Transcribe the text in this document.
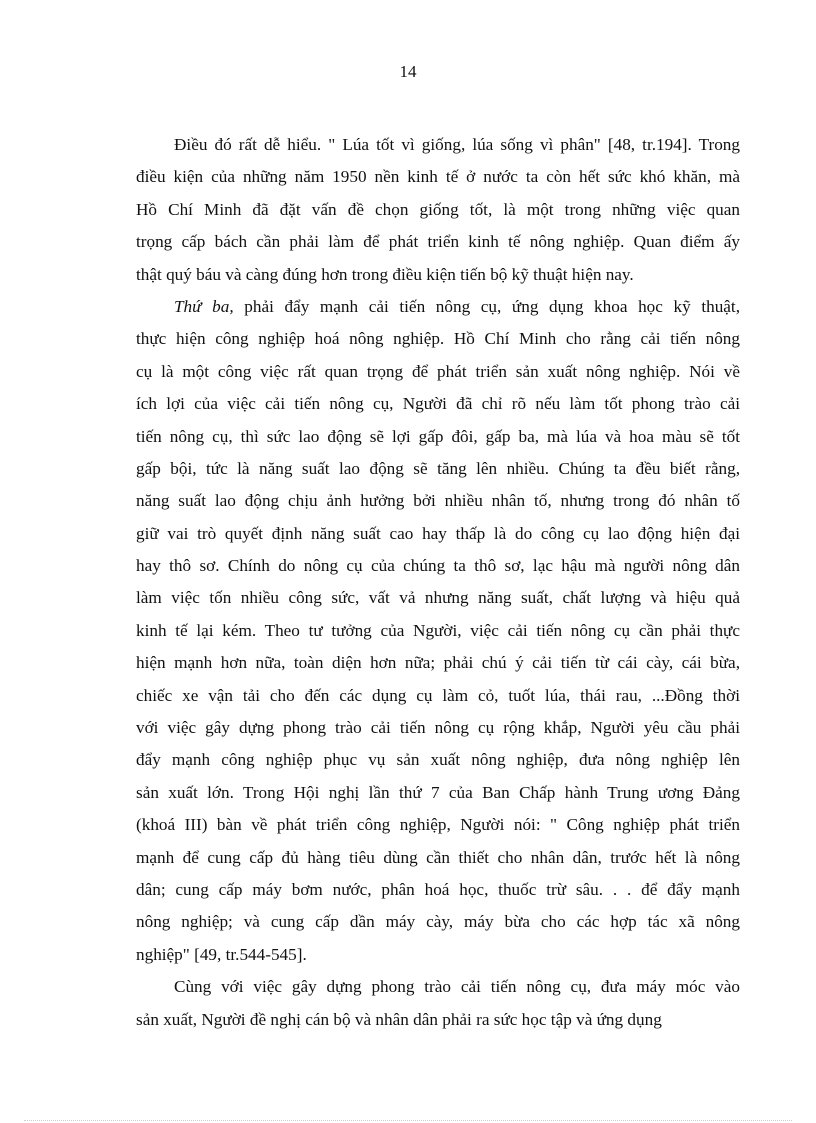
14
Điều đó rất dễ hiểu. " Lúa tốt vì giống, lúa sống vì phân" [48, tr.194]. Trong
điều kiện của những năm 1950 nền kinh tế ở nước ta còn hết sức khó khăn, mà
Hồ Chí Minh đã đặt vấn đề chọn giống tốt, là một trong những việc quan
trọng cấp bách cần phải làm để phát triển kinh tế nông nghiệp. Quan điểm ấy
thật quý báu và càng đúng hơn trong điều kiện tiến bộ kỹ thuật hiện nay.
Thứ ba, phải đẩy mạnh cải tiến nông cụ, ứng dụng khoa học kỹ thuật,
thực hiện công nghiệp hoá nông nghiệp. Hồ Chí Minh cho rằng cải tiến nông
cụ là một công việc rất quan trọng để phát triển sản xuất nông nghiệp. Nói về
ích lợi của việc cải tiến nông cụ, Người đã chỉ rõ nếu làm tốt phong trào cải
tiến nông cụ, thì sức lao động sẽ lợi gấp đôi, gấp ba, mà lúa và hoa màu sẽ tốt
gấp bội, tức là năng suất lao động sẽ tăng lên nhiều. Chúng ta đều biết rằng,
năng suất lao động chịu ảnh hưởng bởi nhiều nhân tố, nhưng trong đó nhân tố
giữ vai trò quyết định năng suất cao hay thấp là do công cụ lao động hiện đại
hay thô sơ. Chính do nông cụ của chúng ta thô sơ, lạc hậu mà người nông dân
làm việc tốn nhiều công sức, vất vả nhưng năng suất, chất lượng và hiệu quả
kinh tế lại kém. Theo tư tưởng của Người, việc cải tiến nông cụ cần phải thực
hiện mạnh hơn nữa, toàn diện hơn nữa; phải chú ý cải tiến từ cái cày, cái bừa,
chiếc xe vận tải cho đến các dụng cụ làm cỏ, tuốt lúa, thái rau, ...Đồng thời
với việc gây dựng phong trào cải tiến nông cụ rộng khắp, Người yêu cầu phải
đẩy mạnh công nghiệp phục vụ sản xuất nông nghiệp, đưa nông nghiệp lên
sản xuất lớn. Trong Hội nghị lần thứ 7 của Ban Chấp hành Trung ương Đảng
(khoá III) bàn về phát triển công nghiệp, Người nói: " Công nghiệp phát triển
mạnh để cung cấp đủ hàng tiêu dùng cần thiết cho nhân dân, trước hết là nông
dân; cung cấp máy bơm nước, phân hoá học, thuốc trừ sâu. . . để đẩy mạnh
nông nghiệp; và cung cấp dần máy cày, máy bừa cho các hợp tác xã nông
nghiệp" [49, tr.544-545].
Cùng với việc gây dựng phong trào cải tiến nông cụ, đưa máy móc vào
sản xuất, Người đề nghị cán bộ và nhân dân phải ra sức học tập và ứng dụng
